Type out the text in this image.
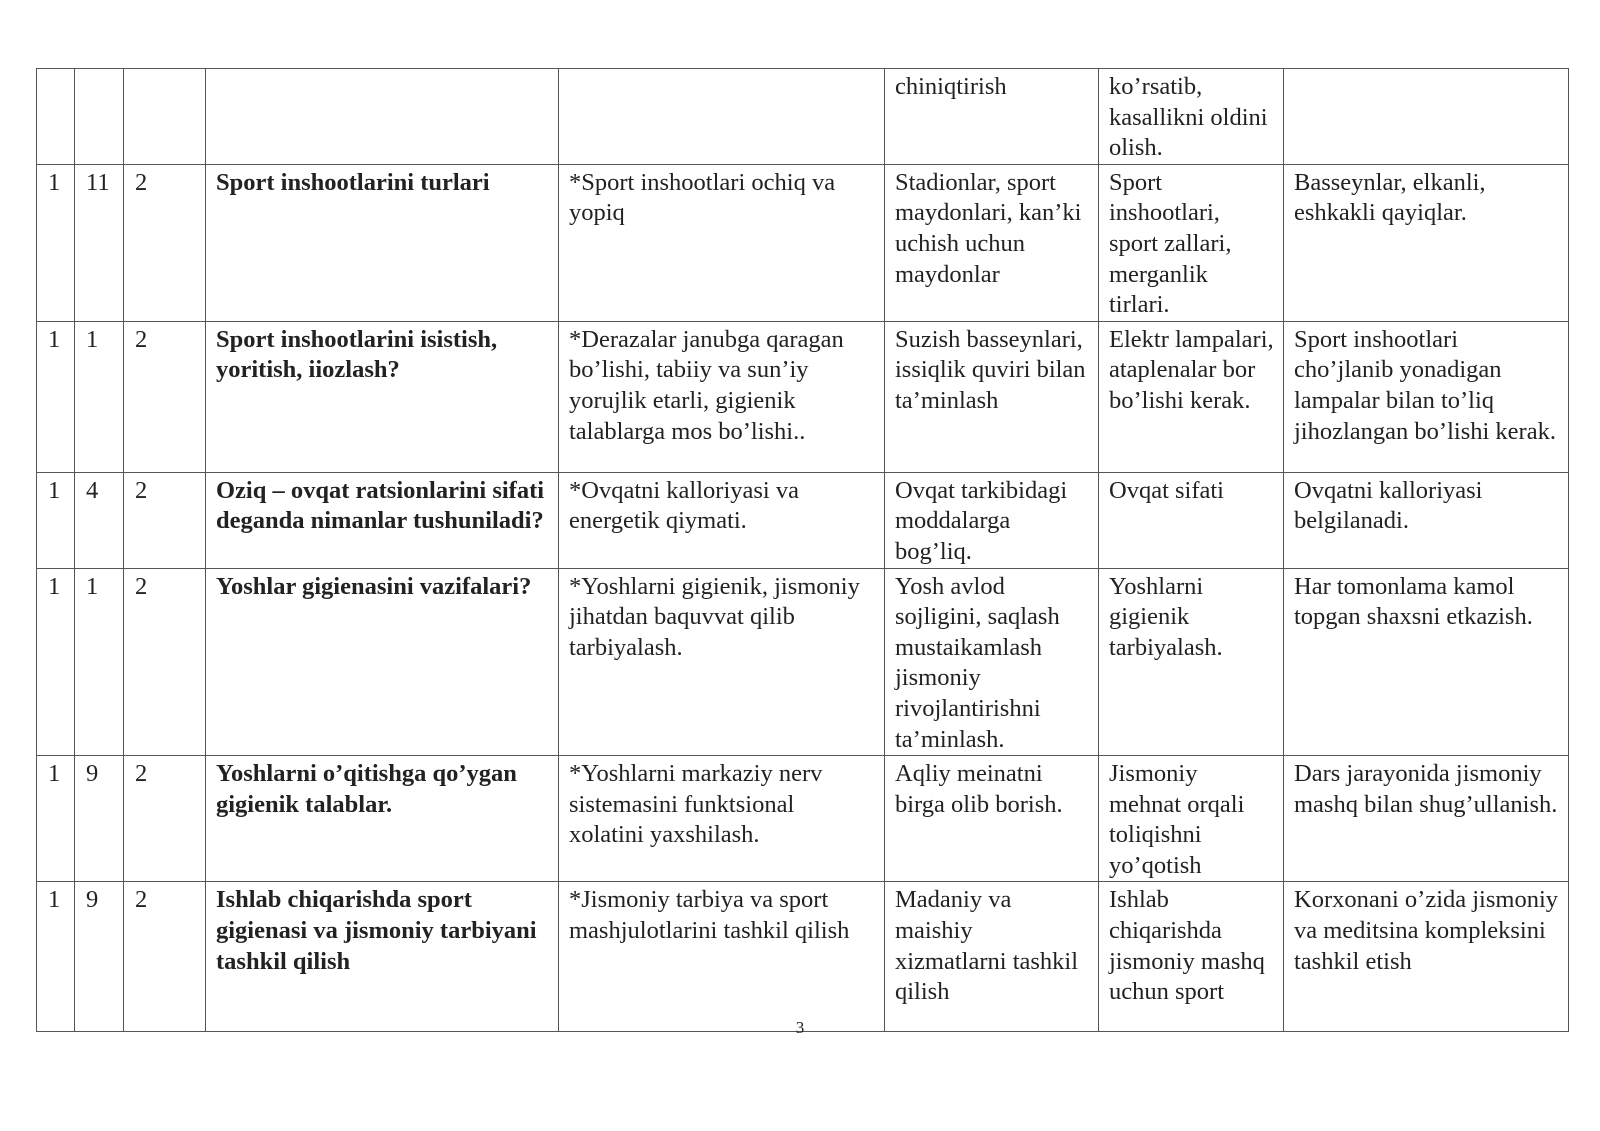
					chiniqtirish	ko’rsatib, kasallikni oldini olish.	
1	11	2	Sport inshootlarini turlari	*Sport inshootlari ochiq va yopiq	Stadionlar, sport maydonlari, kan’ki uchish uchun maydonlar	Sport inshootlari, sport zallari, merganlik tirlari.	Basseynlar, elkanli, eshkakli qayiqlar.
1	1	2	Sport inshootlarini isistish, yoritish, iiozlash?	*Derazalar janubga qaragan bo’lishi, tabiiy va sun’iy yorujlik etarli, gigienik talablarga mos bo’lishi..	Suzish basseynlari, issiqlik quviri bilan ta’minlash	Elektr lampalari, ataplenalar bor bo’lishi kerak.	Sport inshootlari cho’jlanib yonadigan lampalar bilan to’liq jihozlangan bo’lishi kerak.
1	4	2	Oziq – ovqat ratsionlarini sifati deganda nimanlar tushuniladi?	*Ovqatni kalloriyasi va energetik qiymati.	Ovqat tarkibidagi moddalarga bog’liq.	Ovqat sifati	Ovqatni kalloriyasi belgilanadi.
1	1	2	Yoshlar gigienasini vazifalari?	*Yoshlarni gigienik, jismoniy jihatdan baquvvat qilib tarbiyalash.	Yosh avlod sojligini, saqlash mustaikamlash jismoniy rivojlantirishni ta’minlash.	Yoshlarni gigienik tarbiyalash.	Har tomonlama kamol topgan shaxsni etkazish.
1	9	2	Yoshlarni o’qitishga qo’ygan gigienik talablar.	*Yoshlarni markaziy nerv sistemasini funktsional xolatini yaxshilash.	Aqliy meinatni birga olib borish.	Jismoniy mehnat orqali toliqishni yo’qotish	Dars jarayonida jismoniy mashq bilan shug’ullanish.
1	9	2	Ishlab chiqarishda sport gigienasi va jismoniy tarbiyani tashkil qilish	*Jismoniy tarbiya va sport mashjulotlarini tashkil qilish	Madaniy va maishiy xizmatlarni tashkil qilish	Ishlab chiqarishda jismoniy mashq uchun sport	Korxonani o’zida jismoniy va meditsina kompleksini tashkil etish
3
